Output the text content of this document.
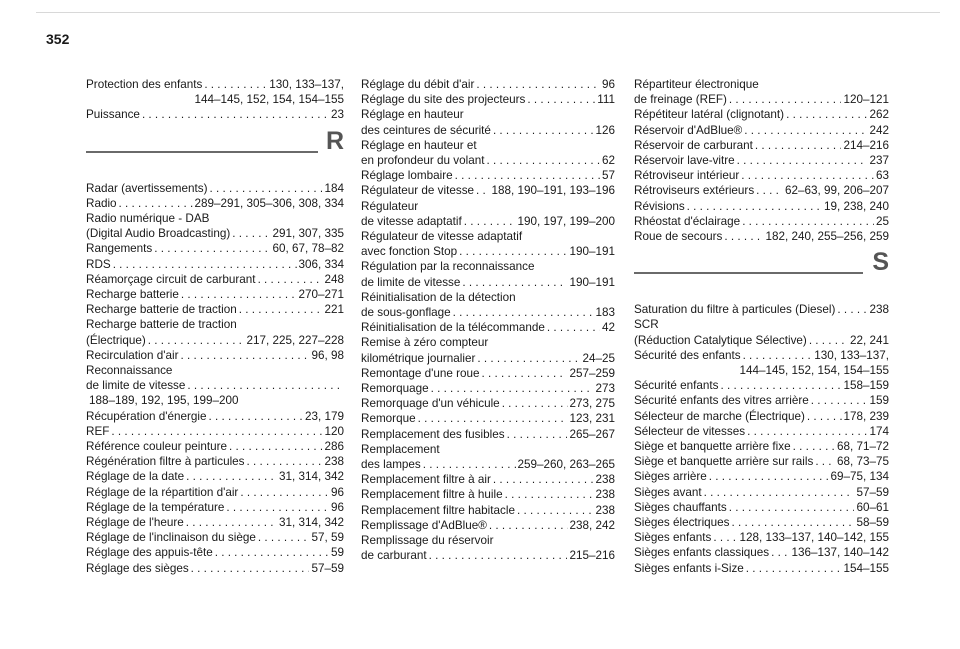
352
Protection des enfants . . .	130, 133–137,
144–145, 152, 154, 154–155
Puissance . . .	23
R
Radar (avertissements) . . .	184
Radio . . .	289–291, 305–306, 308, 334
Radio numérique - DAB
(Digital Audio Broadcasting) . . .	291, 307, 335
Rangements . . .	60, 67, 78–82
RDS . . .	306, 334
Réamorçage circuit de carburant . . .	248
Recharge batterie . . .	270–271
Recharge batterie de traction . . .	221
Recharge batterie de traction
(Électrique) . . .	217, 225, 227–228
Recirculation d'air . . .	96, 98
Reconnaissance
de limite de vitesse
. . .
188–189, 192, 195, 199–200
Récupération d'énergie . . .	23, 179
REF . . .	120
Référence couleur peinture . . .	286
Régénération filtre à particules . . .	238
Réglage de la date . . .	31, 314, 342
Réglage de la répartition d'air . . .	96
Réglage de la température . . .	96
Réglage de l'heure . . .	31, 314, 342
Réglage de l'inclinaison du siège . . .	57, 59
Réglage des appuis-tête . . .	59
Réglage des sièges . . .	57–59
Réglage du débit d'air . . .	96
Réglage du site des projecteurs . . .	111
Réglage en hauteur
des ceintures de sécurité . . .	126
Réglage en hauteur et
en profondeur du volant . . .	62
Réglage lombaire . . .	57
Régulateur de vitesse . . . 188, 190–191, 193–196
Régulateur
de vitesse adaptatif . . .	190, 197, 199–200
Régulateur de vitesse adaptatif
avec fonction Stop . . .	190–191
Régulation par la reconnaissance
de limite de vitesse . . .	190–191
Réinitialisation de la détection
de sous-gonflage . . .	183
Réinitialisation de la télécommande . . .	42
Remise à zéro compteur
kilométrique journalier . . .	24–25
Remontage d'une roue . . .	257–259
Remorquage . . .	273
Remorquage d'un véhicule . . .	273, 275
Remorque . . .	123, 231
Remplacement des fusibles . . .	265–267
Remplacement
des lampes . . .	259–260, 263–265
Remplacement filtre à air . . .	238
Remplacement filtre à huile . . .	238
Remplacement filtre habitacle . . .	238
Remplissage d'AdBlue® . . .	238, 242
Remplissage du réservoir
de carburant . . .	215–216
Répartiteur électronique
de freinage (REF) . . .	120–121
Répétiteur latéral (clignotant) . . .	262
Réservoir d'AdBlue® . . .	242
Réservoir de carburant . . .	214–216
Réservoir lave-vitre . . .	237
Rétroviseur intérieur . . .	63
Rétroviseurs extérieurs . . .	62–63, 99, 206–207
Révisions . . .	19, 238, 240
Rhéostat d'éclairage . . .	25
Roue de secours . . .	182, 240, 255–256, 259
S
Saturation du filtre à particules (Diesel) . . .	238
SCR
(Réduction Catalytique Sélective) . . .	22, 241
Sécurité des enfants . . .	130, 133–137,
144–145, 152, 154, 154–155
Sécurité enfants . . .	158–159
Sécurité enfants des vitres arrière . . .	159
Sélecteur de marche (Électrique) . . .	178, 239
Sélecteur de vitesses . . .	174
Siège et banquette arrière fixe . . .	68, 71–72
Siège et banquette arrière sur rails . . . 68, 73–75
Sièges arrière . . .	69–75, 134
Sièges avant . . .	57–59
Sièges chauffants . . .	60–61
Sièges électriques . . .	58–59
Sièges enfants . . . 128, 133–137, 140–142, 155
Sièges enfants classiques . . . 136–137, 140–142
Sièges enfants i-Size . . .	154–155
